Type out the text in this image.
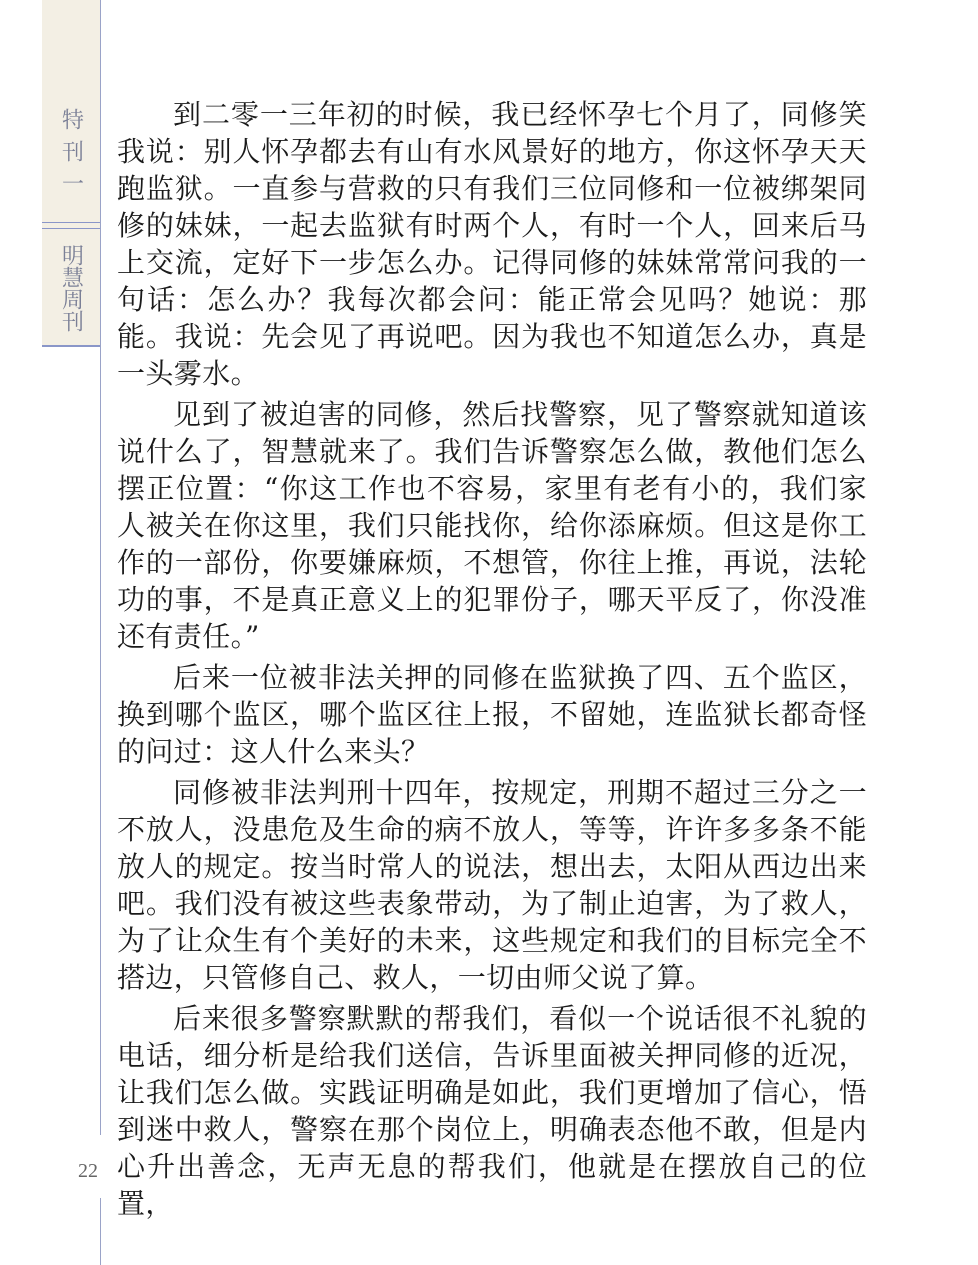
特刊一
明慧周刊
22

到二零一三年初的时候，我已经怀孕七个月了，同修笑我说：别人怀孕都去有山有水风景好的地方，你这怀孕天天跑监狱。一直参与营救的只有我们三位同修和一位被绑架同修的妹妹，一起去监狱有时两个人，有时一个人，回来后马上交流，定好下一步怎么办。记得同修的妹妹常常问我的一句话：怎么办？我每次都会问：能正常会见吗？她说：那能。我说：先会见了再说吧。因为我也不知道怎么办，真是一头雾水。

见到了被迫害的同修，然后找警察，见了警察就知道该说什么了，智慧就来了。我们告诉警察怎么做，教他们怎么摆正位置：“你这工作也不容易，家里有老有小的，我们家人被关在你这里，我们只能找你，给你添麻烦。但这是你工作的一部份，你要嫌麻烦，不想管，你往上推，再说，法轮功的事，不是真正意义上的犯罪份子，哪天平反了，你没准还有责任。”

后来一位被非法关押的同修在监狱换了四、五个监区，换到哪个监区，哪个监区往上报，不留她，连监狱长都奇怪的问过：这人什么来头？

同修被非法判刑十四年，按规定，刑期不超过三分之一不放人，没患危及生命的病不放人，等等，许许多多条不能放人的规定。按当时常人的说法，想出去，太阳从西边出来吧。我们没有被这些表象带动，为了制止迫害，为了救人，为了让众生有个美好的未来，这些规定和我们的目标完全不搭边，只管修自己、救人，一切由师父说了算。

后来很多警察默默的帮我们，看似一个说话很不礼貌的电话，细分析是给我们送信，告诉里面被关押同修的近况，让我们怎么做。实践证明确是如此，我们更增加了信心，悟到迷中救人，警察在那个岗位上，明确表态他不敢，但是内心升出善念，无声无息的帮我们，他就是在摆放自己的位置，
